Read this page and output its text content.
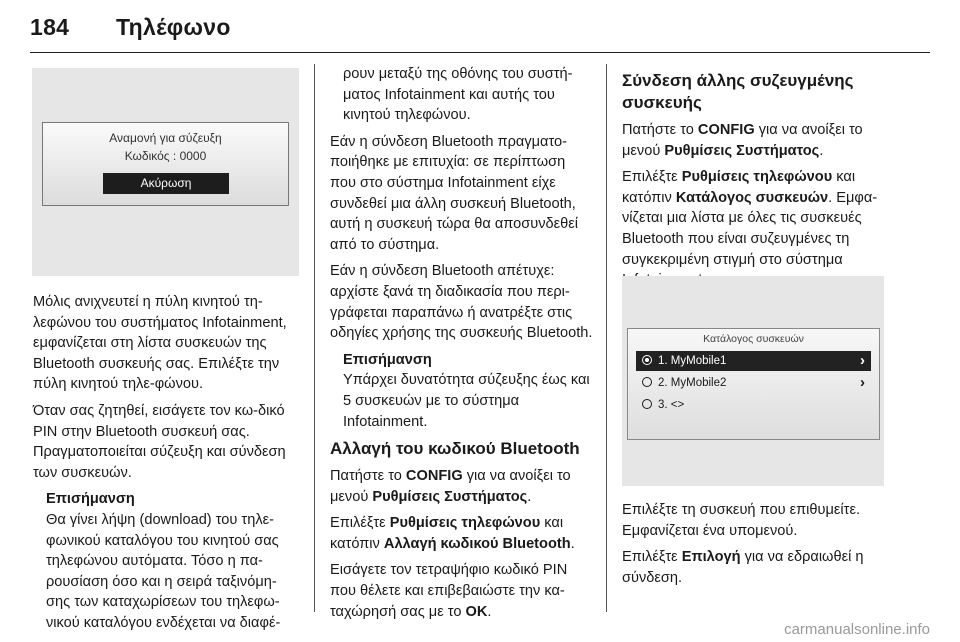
184 Τηλέφωνο
Αναμονή για σύζευξη
Κωδικός : 0000
Ακύρωση

Μόλις ανιχνευτεί η πύλη κινητού τη-λεφώνου του συστήματος Infotainment, εμφανίζεται στη λίστα συσκευών της Bluetooth συσκευής σας. Επιλέξτε την πύλη κινητού τηλε-φώνου.

Όταν σας ζητηθεί, εισάγετε τον κω-δικό PIN στην Bluetooth συσκευή σας. Πραγματοποιείται σύζευξη και σύνδεση των συσκευών.

Επισήμανση
Θα γίνει λήψη (download) του τηλε-φωνικού καταλόγου του κινητού σας τηλεφώνου αυτόματα. Τόσο η πα-ρουσίαση όσο και η σειρά ταξινόμη-σης των καταχωρίσεων του τηλεφω-νικού καταλόγου ενδέχεται να διαφέ-

ρουν μεταξύ της οθόνης του συστή-ματος Infotainment και αυτής του κινητού τηλεφώνου.

Εάν η σύνδεση Bluetooth πραγματο-ποιήθηκε με επιτυχία: σε περίπτωση που στο σύστημα Infotainment είχε συνδεθεί μια άλλη συσκευή Bluetooth, αυτή η συσκευή τώρα θα αποσυνδεθεί από το σύστημα.

Εάν η σύνδεση Bluetooth απέτυχε: αρχίστε ξανά τη διαδικασία που περι-γράφεται παραπάνω ή ανατρέξτε στις οδηγίες χρήσης της συσκευής Bluetooth.

Επισήμανση
Υπάρχει δυνατότητα σύζευξης έως και 5 συσκευών με το σύστημα Infotainment.
Αλλαγή του κωδικού Bluetooth

Πατήστε το CONFIG για να ανοίξει το μενού Ρυθμίσεις Συστήματος.

Επιλέξτε Ρυθμίσεις τηλεφώνου και κατόπιν Αλλαγή κωδικού Bluetooth.

Εισάγετε τον τετραψήφιο κωδικό PIN που θέλετε και επιβεβαιώστε την κα-ταχώρησή σας με το OK.

Σύνδεση άλλης συζευγμένης συσκευής

Πατήστε το CONFIG για να ανοίξει το μενού Ρυθμίσεις Συστήματος.

Επιλέξτε Ρυθμίσεις τηλεφώνου και κατόπιν Κατάλογος συσκευών. Εμφα-νίζεται μια λίστα με όλες τις συσκευές Bluetooth που είναι συζευγμένες τη συγκεκριμένη στιγμή στο σύστημα

Κατάλογος συσκευών
1. MyMobile1	›
2. MyMobile2	›
3. <>

Επιλέξτε τη συσκευή που επιθυμείτε. Εμφανίζεται ένα υπομενού.

Επιλέξτε Επιλογή για να εδραιωθεί η σύνδεση.

carmanualsonline.info
